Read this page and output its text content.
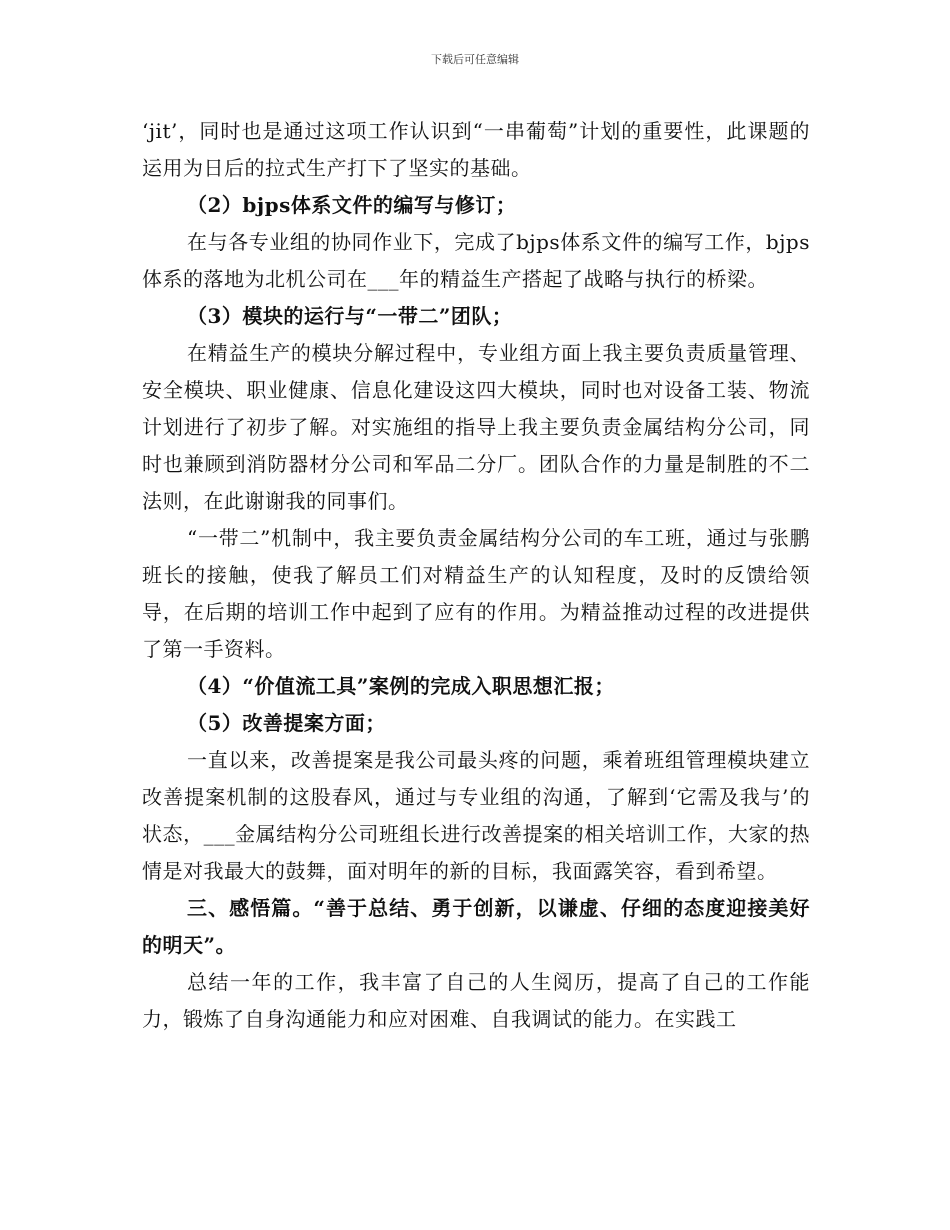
下载后可任意编辑

‘jit’，同时也是通过这项工作认识到“一串葡萄”计划的重要性，此课题的运用为日后的拉式生产打下了坚实的基础。

（2）bjps体系文件的编写与修订；

在与各专业组的协同作业下，完成了bjps体系文件的编写工作，bjps体系的落地为北机公司在___年的精益生产搭起了战略与执行的桥梁。

（3）模块的运行与“一带二”团队；

在精益生产的模块分解过程中，专业组方面上我主要负责质量管理、安全模块、职业健康、信息化建设这四大模块，同时也对设备工装、物流计划进行了初步了解。对实施组的指导上我主要负责金属结构分公司，同时也兼顾到消防器材分公司和军品二分厂。团队合作的力量是制胜的不二法则，在此谢谢我的同事们。

“一带二”机制中，我主要负责金属结构分公司的车工班，通过与张鹏班长的接触，使我了解员工们对精益生产的认知程度，及时的反馈给领导，在后期的培训工作中起到了应有的作用。为精益推动过程的改进提供了第一手资料。

（4）“价值流工具”案例的完成入职思想汇报；

（5）改善提案方面；

一直以来，改善提案是我公司最头疼的问题，乘着班组管理模块建立改善提案机制的这股春风，通过与专业组的沟通，了解到‘它需及我与’的状态，___金属结构分公司班组长进行改善提案的相关培训工作，大家的热情是对我最大的鼓舞，面对明年的新的目标，我面露笑容，看到希望。

三、感悟篇。“善于总结、勇于创新，以谦虚、仔细的态度迎接美好的明天”。

总结一年的工作，我丰富了自己的人生阅历，提高了自己的工作能力，锻炼了自身沟通能力和应对困难、自我调试的能力。在实践工
